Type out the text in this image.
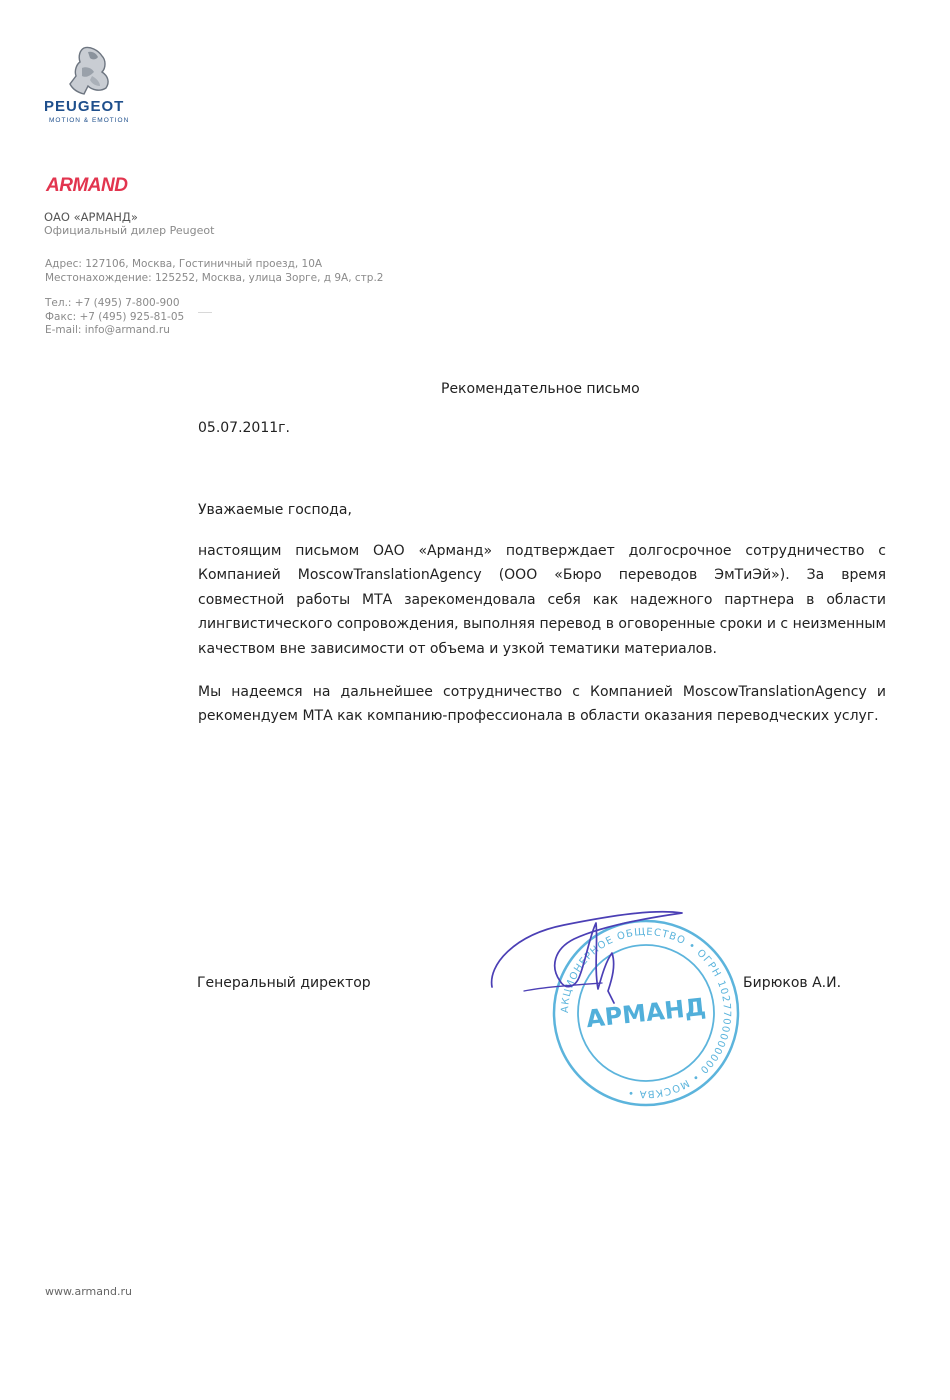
PEUGEOT
MOTION & EMOTION
ARMAND
ОАО «АРМАНД»
Официальный дилер Peugeot
Адрес: 127106, Москва, Гостиничный проезд, 10А
Местонахождение: 125252, Москва, улица Зорге, д 9А, стр.2
Тел.: +7 (495) 7-800-900
Факс: +7 (495) 925-81-05
E-mail: info@armand.ru
Рекомендательное письмо
05.07.2011г.
Уважаемые господа,
настоящим письмом ОАО «Арманд» подтверждает долгосрочное сотрудничество с Компанией MoscowTranslationAgency (ООО «Бюро переводов ЭмТиЭй»). За время совместной работы МТА зарекомендовала себя как надежного партнера в области лингвистического сопровождения, выполняя перевод в оговоренные сроки и с неизменным качеством вне зависимости от объема и узкой тематики материалов.
Мы надеемся на дальнейшее сотрудничество с Компанией MoscowTranslationAgency и рекомендуем МТА как компанию-профессионала в области оказания переводческих услуг.
Генеральный директор	Бирюков А.И.
АКЦИОНЕРНОЕ ОБЩЕСТВО • ОГРН 1027700000000 • МОСКВА •
АРМАНД
www.armand.ru
